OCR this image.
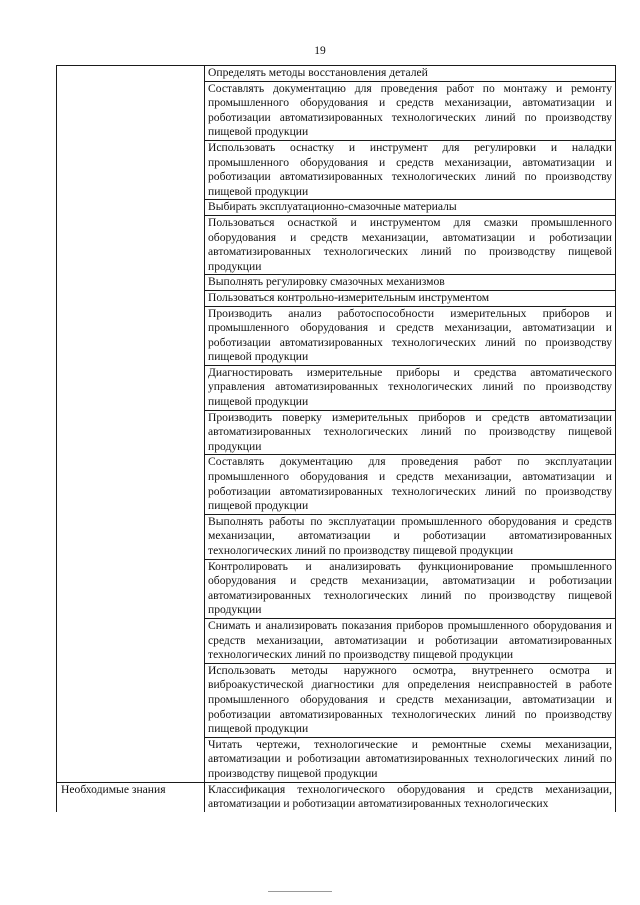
19
	Определять методы восстановления деталей
	Составлять документацию для проведения работ по монтажу и ремонту промышленного оборудования и средств механизации, автоматизации и роботизации автоматизированных технологических линий по производству пищевой продукции
	Использовать оснастку и инструмент для регулировки и наладки промышленного оборудования и средств механизации, автоматизации и роботизации автоматизированных технологических линий по производству пищевой продукции
	Выбирать эксплуатационно-смазочные материалы
	Пользоваться оснасткой и инструментом для смазки промышленного оборудования и средств механизации, автоматизации и роботизации автоматизированных технологических линий по производству пищевой продукции
	Выполнять регулировку смазочных механизмов
	Пользоваться контрольно-измерительным инструментом
	Производить анализ работоспособности измерительных приборов и промышленного оборудования и средств механизации, автоматизации и роботизации автоматизированных технологических линий по производству пищевой продукции
	Диагностировать измерительные приборы и средства автоматического управления автоматизированных технологических линий по производству пищевой продукции
	Производить поверку измерительных приборов и средств автоматизации автоматизированных технологических линий по производству пищевой продукции
	Составлять документацию для проведения работ по эксплуатации промышленного оборудования и средств механизации, автоматизации и роботизации автоматизированных технологических линий по производству пищевой продукции
	Выполнять работы по эксплуатации промышленного оборудования и средств механизации, автоматизации и роботизации автоматизированных технологических линий по производству пищевой продукции
	Контролировать и анализировать функционирование промышленного оборудования и средств механизации, автоматизации и роботизации автоматизированных технологических линий по производству пищевой продукции
	Снимать и анализировать показания приборов промышленного оборудования и средств механизации, автоматизации и роботизации автоматизированных технологических линий по производству пищевой продукции
	Использовать методы наружного осмотра, внутреннего осмотра и виброакустической диагностики для определения неисправностей в работе промышленного оборудования и средств механизации, автоматизации и роботизации автоматизированных технологических линий по производству пищевой продукции
	Читать чертежи, технологические и ремонтные схемы механизации, автоматизации и роботизации автоматизированных технологических линий по производству пищевой продукции
Необходимые знания	Классификация технологического оборудования и средств механизации, автоматизации и роботизации автоматизированных технологических
